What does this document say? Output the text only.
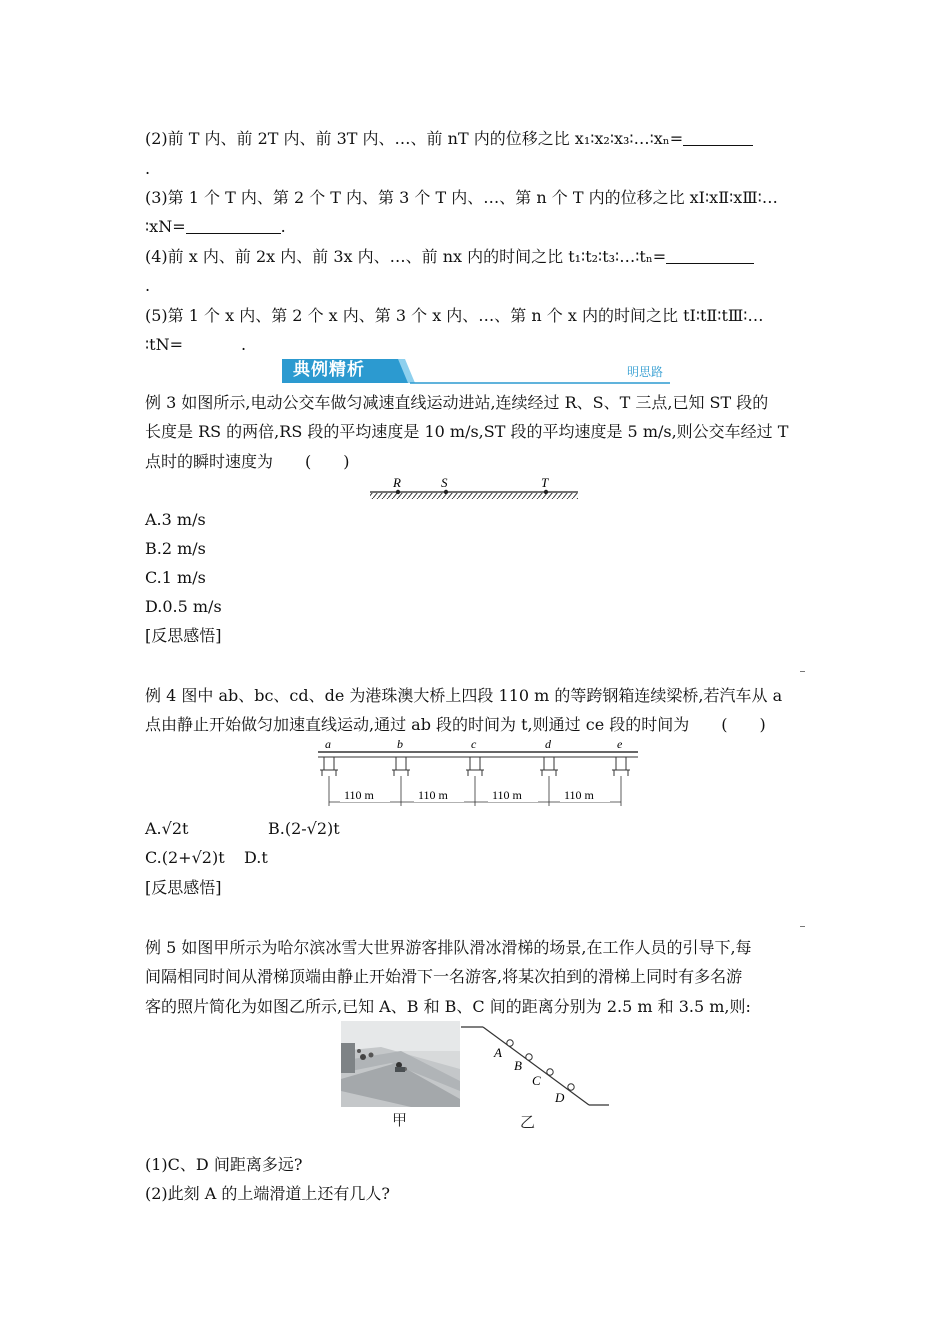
(2)前 T 内、前 2T 内、前 3T 内、…、前 nT 内的位移之比 x₁∶x₂∶x₃∶…∶xₙ=
.
(3)第 1 个 T 内、第 2 个 T 内、第 3 个 T 内、…、第 n 个 T 内的位移之比 xⅠ∶xⅡ∶xⅢ∶…
∶xN=	.
(4)前 x 内、前 2x 内、前 3x 内、…、前 nx 内的时间之比 t₁∶t₂∶t₃∶…∶tₙ=
.
(5)第 1 个 x 内、第 2 个 x 内、第 3 个 x 内、…、第 n 个 x 内的时间之比 tⅠ∶tⅡ∶tⅢ∶…
∶tN=	.
典例精析	明思路
例 3 如图所示,电动公交车做匀减速直线运动进站,连续经过 R、S、T 三点,已知 ST 段的
长度是 RS 的两倍,RS 段的平均速度是 10 m/s,ST 段的平均速度是 5 m/s,则公交车经过 T
点时的瞬时速度为　　(　　)
R	S	T
A.3 m/s
B.2 m/s
C.1 m/s
D.0.5 m/s
[反思感悟]
例 4 图中 ab、bc、cd、de 为港珠澳大桥上四段 110 m 的等跨钢箱连续梁桥,若汽车从 a
点由静止开始做匀加速直线运动,通过 ab 段的时间为 t,则通过 ce 段的时间为　　(　　)
a	b	c	d	e
110 m	110 m	110 m	110 m
A.√2t	B.(2-√2)t
C.(2+√2)t D.t
[反思感悟]
例 5 如图甲所示为哈尔滨冰雪大世界游客排队滑冰滑梯的场景,在工作人员的引导下,每
间隔相同时间从滑梯顶端由静止开始滑下一名游客,将某次拍到的滑梯上同时有多名游
客的照片简化为如图乙所示,已知 A、B 和 B、C 间的距离分别为 2.5 m 和 3.5 m,则:
甲
A
B
C
D
乙
(1)C、D 间距离多远?
(2)此刻 A 的上端滑道上还有几人?
